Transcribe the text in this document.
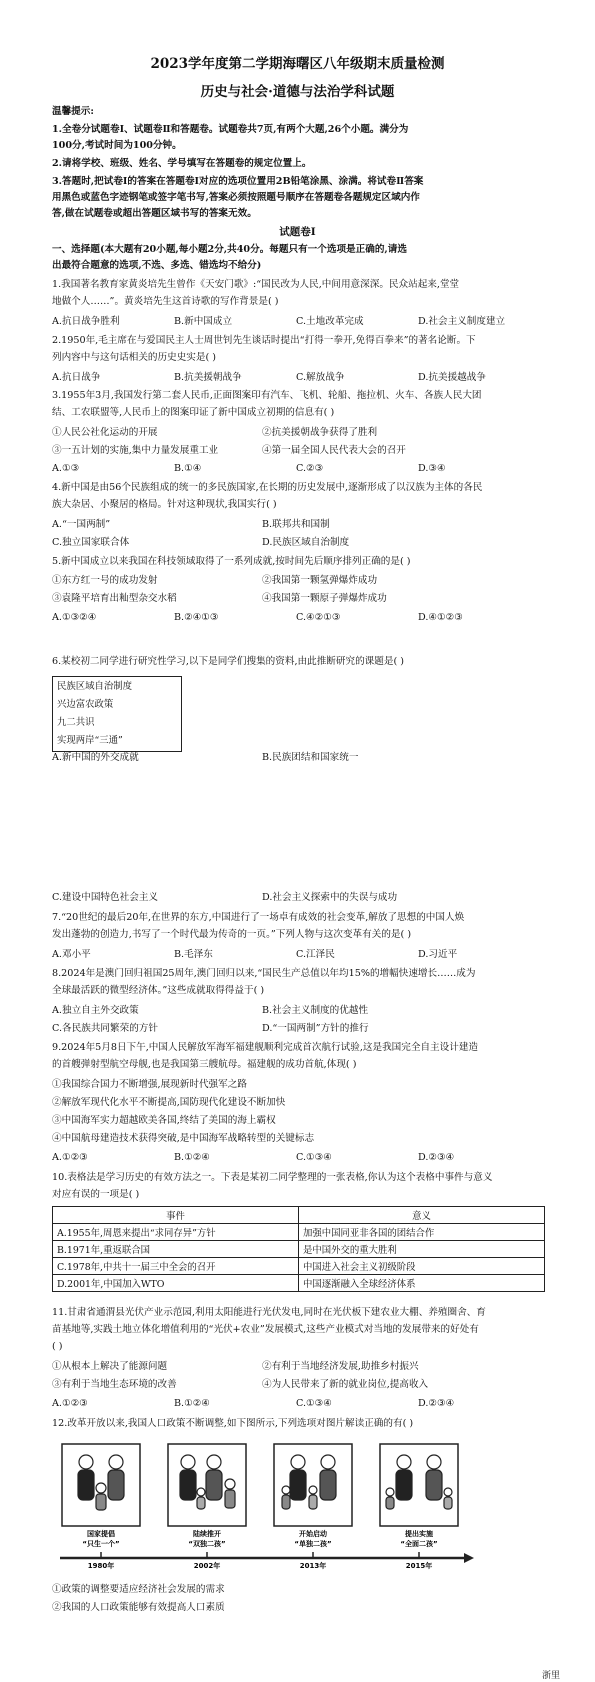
2023学年度第二学期海曙区八年级期末质量检测
历史与社会·道德与法治学科试题
温馨提示:
1.全卷分试题卷Ⅰ、试题卷Ⅱ和答题卷。试题卷共7页,有两个大题,26个小题。满分为
100分,考试时间为100分钟。
2.请将学校、班级、姓名、学号填写在答题卷的规定位置上。
3.答题时,把试卷Ⅰ的答案在答题卷Ⅰ对应的选项位置用2B铅笔涂黑、涂满。将试卷Ⅱ答案
用黑色或蓝色字迹钢笔或签字笔书写,答案必须按照题号顺序在答题卷各题规定区域内作
答,做在试题卷或超出答题区域书写的答案无效。
试题卷Ⅰ
一、选择题(本大题有20小题,每小题2分,共40分。每题只有一个选项是正确的,请选
出最符合题意的选项,不选、多选、错选均不给分)
1.我国著名教育家黄炎培先生曾作《天安门歌》:“国民改为人民,中间用意深深。民众站起来,堂堂
地做个人……”。黄炎培先生这首诗歌的写作背景是( )
A.抗日战争胜利	B.新中国成立	C.土地改革完成	D.社会主义制度建立
2.1950年,毛主席在与爱国民主人士周世钊先生谈话时提出“打得一拳开,免得百拳来”的著名论断。下
列内容中与这句话相关的历史史实是( )
A.抗日战争	B.抗美援朝战争	C.解放战争	D.抗美援越战争
3.1955年3月,我国发行第二套人民币,正面图案印有汽车、飞机、轮船、拖拉机、火车、各族人民大团
结、工农联盟等,人民币上的图案印证了新中国成立初期的信息有( )
①人民公社化运动的开展	②抗美援朝战争获得了胜利
③一五计划的实施,集中力量发展重工业	④第一届全国人民代表大会的召开
A.①③	B.①④	C.②③	D.③④
4.新中国是由56个民族组成的统一的多民族国家,在长期的历史发展中,逐渐形成了以汉族为主体的各民
族大杂居、小聚居的格局。针对这种现状,我国实行( )
A.“一国两制”	B.联邦共和国制
C.独立国家联合体	D.民族区域自治制度
5.新中国成立以来我国在科技领域取得了一系列成就,按时间先后顺序排列正确的是( )
①东方红一号的成功发射	②我国第一颗氢弹爆炸成功
③袁隆平培育出籼型杂交水稻	④我国第一颗原子弹爆炸成功
A.①③②④	B.②④①③	C.④②①③	D.④①②③
6.某校初二同学进行研究性学习,以下是同学们搜集的资料,由此推断研究的课题是( )
民族区域自治制度
兴边富农政策
九二共识
实现两岸“三通”
A.新中国的外交成就	B.民族团结和国家统一
C.建设中国特色社会主义	D.社会主义探索中的失误与成功
7.“20世纪的最后20年,在世界的东方,中国进行了一场卓有成效的社会变革,解放了思想的中国人焕
发出蓬勃的创造力,书写了一个时代最为传奇的一页。”下列人物与这次变革有关的是( )
A.邓小平	B.毛泽东	C.江泽民	D.习近平
8.2024年是澳门回归祖国25周年,澳门回归以来,“国民生产总值以年均15%的增幅快速增长……成为
全球最活跃的微型经济体。”这些成就取得得益于( )
A.独立自主外交政策	B.社会主义制度的优越性
C.各民族共同繁荣的方针	D.“一国两制”方针的推行
9.2024年5月8日下午,中国人民解放军海军福建舰顺利完成首次航行试验,这是我国完全自主设计建造
的首艘弹射型航空母舰,也是我国第三艘航母。福建舰的成功首航,体现( )
①我国综合国力不断增强,展现新时代强军之路
②解放军现代化水平不断提高,国防现代化建设不断加快
③中国海军实力超越欧美各国,终结了美国的海上霸权
④中国航母建造技术获得突破,是中国海军战略转型的关键标志
A.①②③	B.①②④	C.①③④	D.②③④
10.表格法是学习历史的有效方法之一。下表是某初二同学整理的一张表格,你认为这个表格中事件与意义
对应有误的一项是( )
事件	意义
A.1955年,周恩来提出“求同存异”方针	加强中国同亚非各国的团结合作
B.1971年,重返联合国	是中国外交的重大胜利
C.1978年,中共十一届三中全会的召开	中国进入社会主义初级阶段
D.2001年,中国加入WTO	中国逐渐融入全球经济体系
11.甘肃省通渭县光伏产业示范园,利用太阳能进行光伏发电,同时在光伏板下建农业大棚、养殖圈舍、育
苗基地等,实践土地立体化增值利用的“光伏+农业”发展模式,这些产业模式对当地的发展带来的好处有
( )
①从根本上解决了能源问题	②有利于当地经济发展,助推乡村振兴
③有利于当地生态环境的改善	④为人民带来了新的就业岗位,提高收入
A.①②③	B.①②④	C.①③④	D.②③④
12.改革开放以来,我国人口政策不断调整,如下图所示,下列选项对图片解读正确的有( )
国家提倡
“只生一个”
1980年
陆续推开
“双独二孩”
2002年
开始启动
“单独二孩”
2013年
提出实施
“全面二孩”
2015年
①政策的调整要适应经济社会发展的需求
②我国的人口政策能够有效提高人口素质
浙里
